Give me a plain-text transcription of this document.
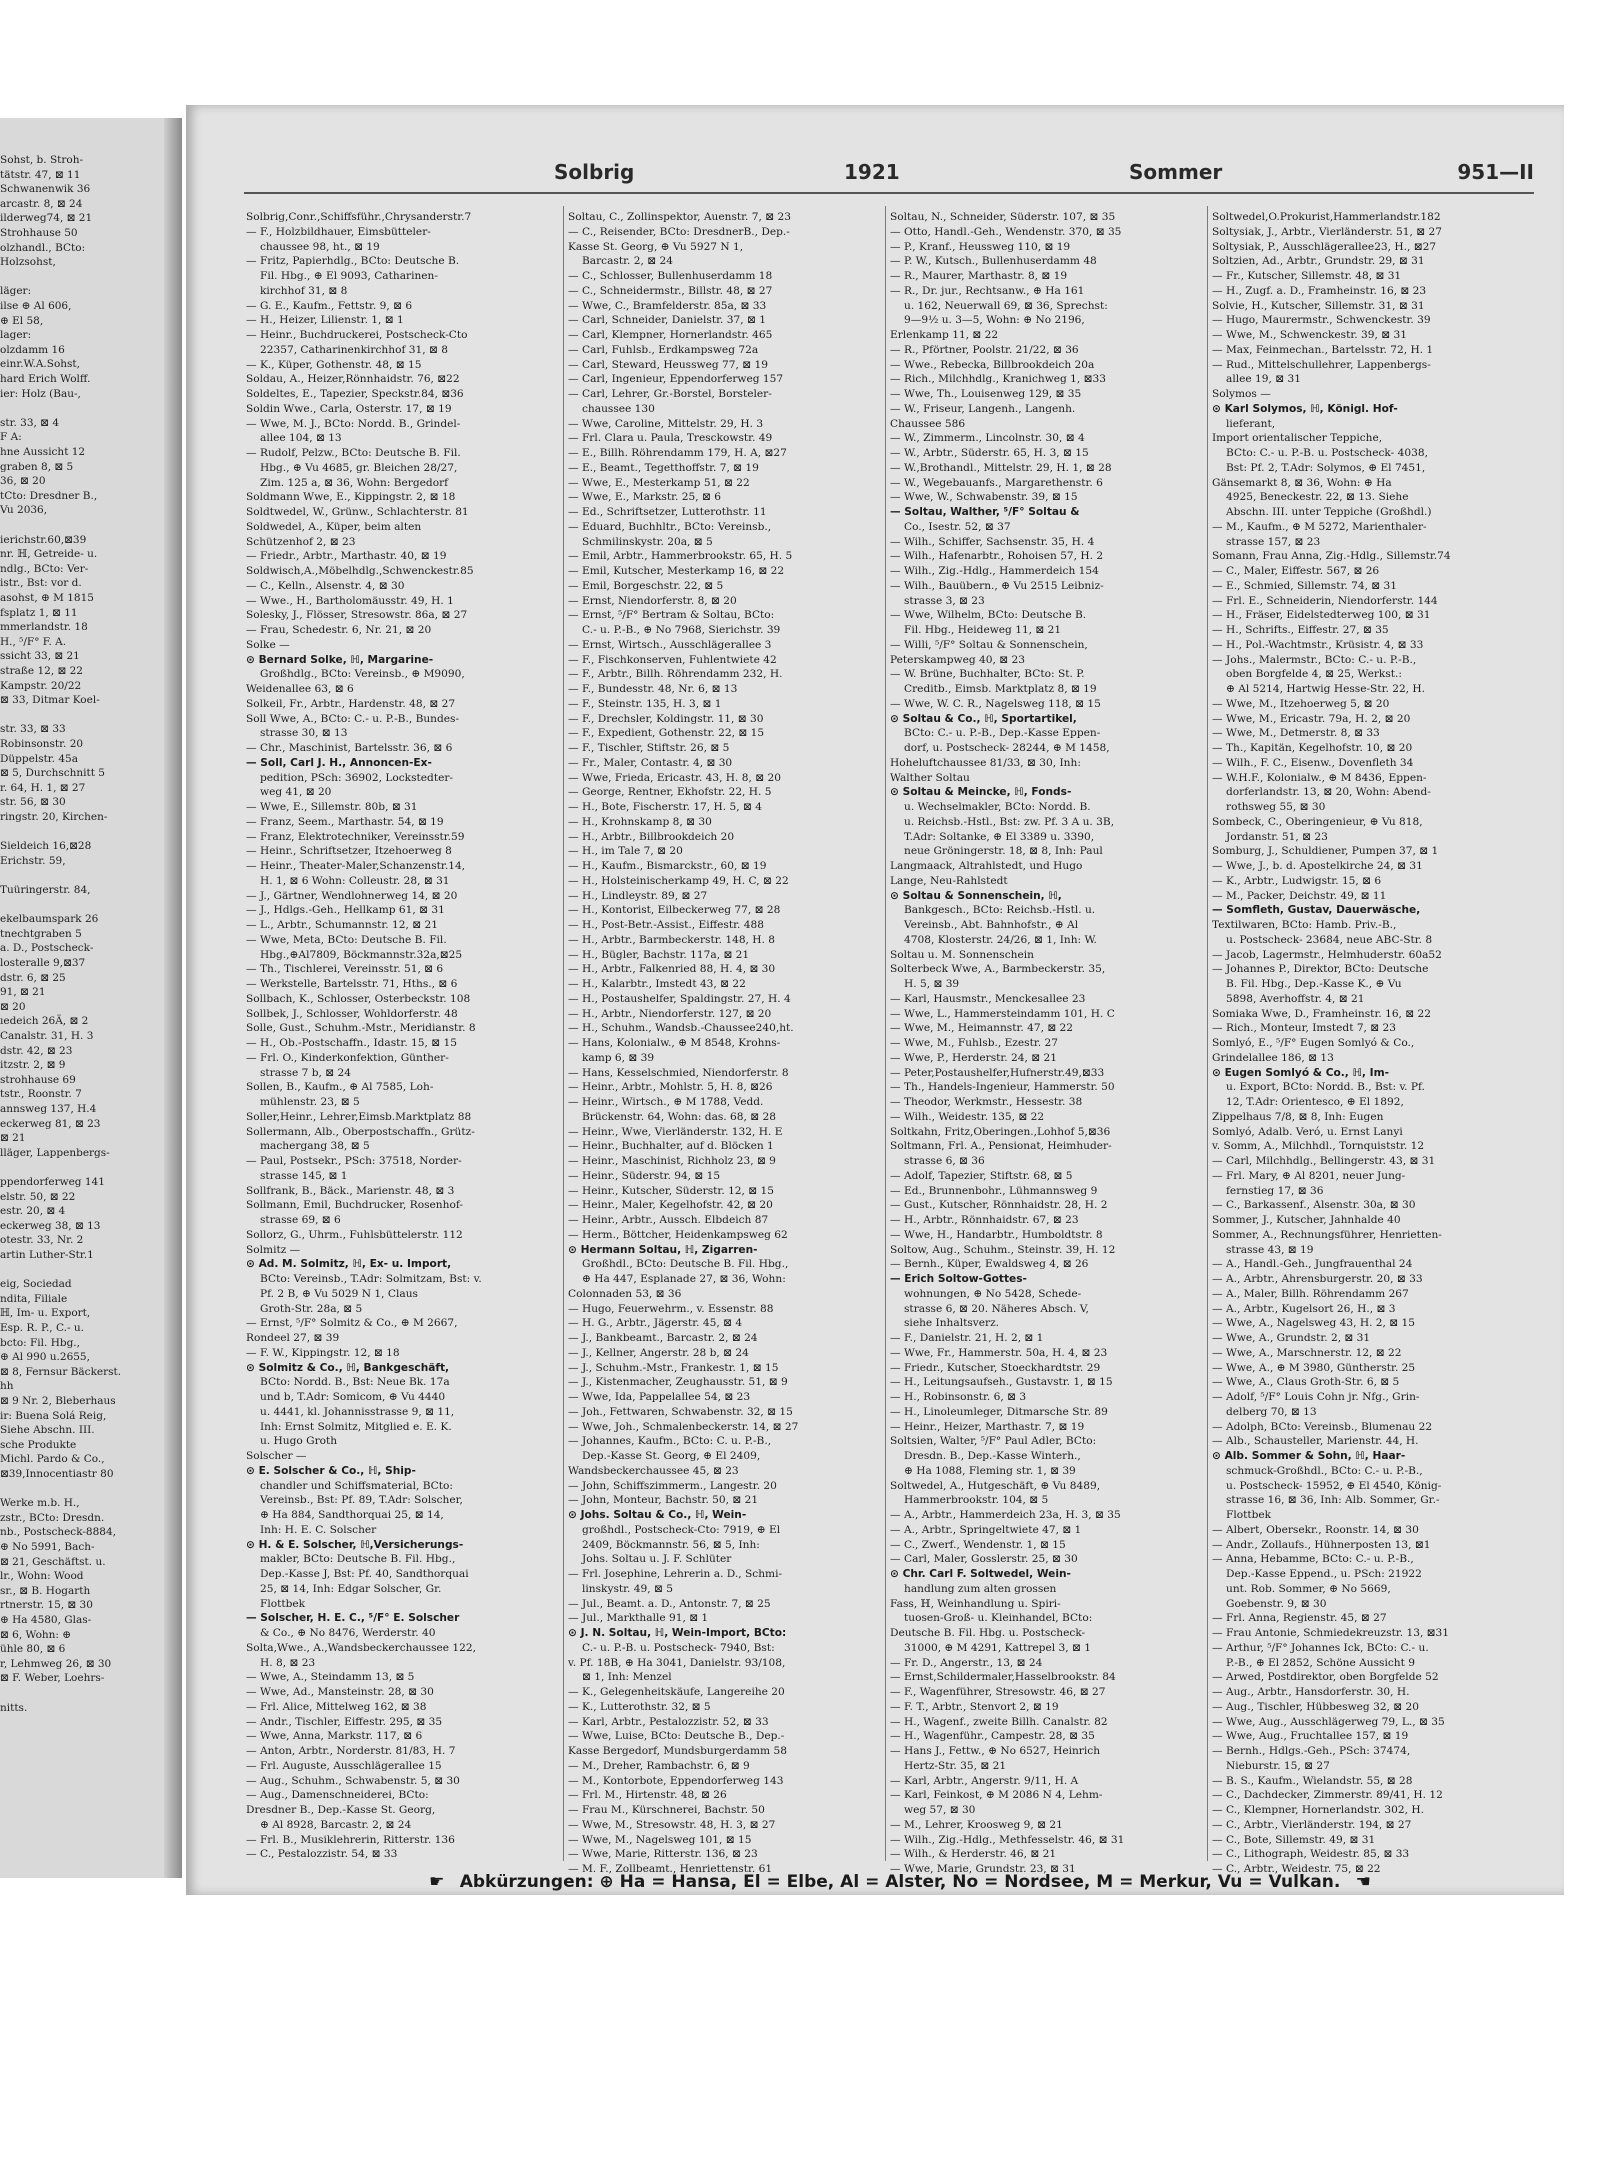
Sohst, b. Stroh-
tätstr. 47, ⊠ 11
Schwanenwik 36
arcastr. 8, ⊠ 24
ilderweg74, ⊠ 21
Strohhause 50
olzhandl., BCto:
Holzsohst,
läger:
ilse ⊕ Al 606,
⊕ El 58,
lager:
olzdamm 16
einr.W.A.Sohst,
hard Erich Wolff.
ier: Holz (Bau-,
str. 33, ⊠ 4
F A:
hne Aussicht 12
graben 8, ⊠ 5
36, ⊠ 20
tCto: Dresdner B.,
Vu 2036,
ierichstr.60,⊠39
nr. ℍ, Getreide- u.
ndlg., BCto: Ver-
istr., Bst: vor d.
asohst, ⊕ M 1815
fsplatz 1, ⊠ 11
mmerlandstr. 18
H., ⁵/F° F. A.
ssicht 33, ⊠ 21
straße 12, ⊠ 22
Kampstr. 20/22
⊠ 33, Ditmar Koel-
str. 33, ⊠ 33
Robinsonstr. 20
Düppelstr. 45a
⊠ 5, Durchschnitt 5
r. 64, H. 1, ⊠ 27
str. 56, ⊠ 30
ringstr. 20, Kirchen-
Sieldeich 16,⊠28
Erichstr. 59,
Tuüringerstr. 84,
ekelbaumspark 26
tnechtgraben 5
a. D., Postscheck-
losteralle 9,⊠37
dstr. 6, ⊠ 25
91, ⊠ 21
⊠ 20
ıedeich 26Ä, ⊠ 2
Canalstr. 31, H. 3
dstr. 42, ⊠ 23
itzstr. 2, ⊠ 9
strohhause 69
tstr., Roonstr. 7
annsweg 137, H.4
eckerweg 81, ⊠ 23
⊠ 21
lläger, Lappenbergs-
ppendorferweg 141
elstr. 50, ⊠ 22
estr. 20, ⊠ 4
eckerweg 38, ⊠ 13
otestr. 33, Nr. 2
artin Luther-Str.1
eig, Sociedad
ndita, Filiale
ℍ, Im- u. Export,
Esp. R. P., C.- u.
bcto: Fil. Hbg.,
⊕ Al 990 u.2655,
⊠ 8, Fernsur Bäckerst.
hh
⊠ 9 Nr. 2, Bleberhaus
ir: Buena Solá Reig,
Siehe Abschn. III.
sche Produkte
Michl. Pardo & Co.,
⊠39,Innocentiastr 80
Werke m.b. H.,
zstr., BCto: Dresdn.
nb., Postscheck-8884,
⊕ No 5991, Bach-
⊠ 21, Geschäftst. u.
lr., Wohn: Wood
sr., ⊠ B. Hogarth
rtnerstr. 15, ⊠ 30
⊕ Ha 4580, Glas-
⊠ 6, Wohn: ⊕
ühle 80, ⊠ 6
r, Lehmweg 26, ⊠ 30
⊠ F. Weber, Loehrs-
nitts.
Solbrig	1921	Sommer	951—II
Solbrig,Conr.,Schiffsführ.,Chrysanderstr.7
— F., Holzbildhauer, Eimsbütteler-
chaussee 98, ht., ⊠ 19
— Fritz, Papierhdlg., BCto: Deutsche B.
Fil. Hbg., ⊕ El 9093, Catharinen-
kirchhof 31, ⊠ 8
— G. E., Kaufm., Fettstr. 9, ⊠ 6
— H., Heizer, Lilienstr. 1, ⊠ 1
— Heinr., Buchdruckerei, Postscheck-Cto
22357, Catharinenkirchhof 31, ⊠ 8
— K., Küper, Gothenstr. 48, ⊠ 15
Soldau, A., Heizer,Rönnhaidstr. 76, ⊠22
Soldeltes, E., Tapezier, Speckstr.84, ⊠36
Soldin Wwe., Carla, Osterstr. 17, ⊠ 19
— Wwe, M. J., BCto: Nordd. B., Grindel-
allee 104, ⊠ 13
— Rudolf, Pelzw., BCto: Deutsche B. Fil.
Hbg., ⊕ Vu 4685, gr. Bleichen 28/27,
Zim. 125 a, ⊠ 36, Wohn: Bergedorf
Soldmann Wwe, E., Kippingstr. 2, ⊠ 18
Soldtwedel, W., Grünw., Schlachterstr. 81
Soldwedel, A., Küper, beim alten
Schützenhof 2, ⊠ 23
— Friedr., Arbtr., Marthastr. 40, ⊠ 19
Soldwisch,A.,Möbelhdlg.,Schwenckestr.85
— C., Kelln., Alsenstr. 4, ⊠ 30
— Wwe., H., Bartholomäusstr. 49, H. 1
Solesky, J., Flösser, Stresowstr. 86a, ⊠ 27
— Frau, Schedestr. 6, Nr. 21, ⊠ 20
Solke —
⊙ Bernard Solke, ℍ, Margarine-
Großhdlg., BCto: Vereinsb., ⊕ M9090,
Weidenallee 63, ⊠ 6
Solkeil, Fr., Arbtr., Hardenstr. 48, ⊠ 27
Soll Wwe, A., BCto: C.- u. P.-B., Bundes-
strasse 30, ⊠ 13
— Chr., Maschinist, Bartelsstr. 36, ⊠ 6
— Soll, Carl J. H., Annoncen-Ex-
pedition, PSch: 36902, Lockstedter-
weg 41, ⊠ 20
— Wwe, E., Sillemstr. 80b, ⊠ 31
— Franz, Seem., Marthastr. 54, ⊠ 19
— Franz, Elektrotechniker, Vereinsstr.59
— Heinr., Schriftsetzer, Itzehoerweg 8
— Heinr., Theater-Maler,Schanzenstr.14,
H. 1, ⊠ 6 Wohn: Colleustr. 28, ⊠ 31
— J., Gärtner, Wendlohnerweg 14, ⊠ 20
— J., Hdlgs.-Geh., Hellkamp 61, ⊠ 31
— L., Arbtr., Schumannstr. 12, ⊠ 21
— Wwe, Meta, BCto: Deutsche B. Fil.
Hbg.,⊕Al7809, Böckmannstr.32a,⊠25
— Th., Tischlerei, Vereinsstr. 51, ⊠ 6
— Werkstelle, Bartelsstr. 71, Hths., ⊠ 6
Sollbach, K., Schlosser, Osterbeckstr. 108
Sollbek, J., Schlosser, Wohldorferstr. 48
Solle, Gust., Schuhm.-Mstr., Meridianstr. 8
— H., Ob.-Postschaffn., Idastr. 15, ⊠ 15
— Frl. O., Kinderkonfektion, Günther-
strasse 7 b, ⊠ 24
Sollen, B., Kaufm., ⊕ Al 7585, Loh-
mühlenstr. 23, ⊠ 5
Soller,Heinr., Lehrer,Eimsb.Marktplatz 88
Sollermann, Alb., Oberpostschaffn., Grütz-
machergang 38, ⊠ 5
— Paul, Postsekr., PSch: 37518, Norder-
strasse 145, ⊠ 1
Sollfrank, B., Bäck., Marienstr. 48, ⊠ 3
Sollmann, Emil, Buchdrucker, Rosenhof-
strasse 69, ⊠ 6
Sollorz, G., Uhrm., Fuhlsbüttelerstr. 112
Solmitz —
⊙ Ad. M. Solmitz, ℍ, Ex- u. Import,
BCto: Vereinsb., T.Adr: Solmitzam, Bst: v.
Pf. 2 B, ⊕ Vu 5029 N 1, Claus
Groth-Str. 28a, ⊠ 5
— Ernst, ⁵/F° Solmitz & Co., ⊕ M 2667,
Rondeel 27, ⊠ 39
— F. W., Kippingstr. 12, ⊠ 18
⊙ Solmitz & Co., ℍ, Bankgeschäft,
BCto: Nordd. B., Bst: Neue Bk. 17a
und b, T.Adr: Somicom, ⊕ Vu 4440
u. 4441, kl. Johannisstrasse 9, ⊠ 11,
Inh: Ernst Solmitz, Mitglied e. E. K.
u. Hugo Groth
Solscher —
⊙ E. Solscher & Co., ℍ, Ship-
chandler und Schiffsmaterial, BCto:
Vereinsb., Bst: Pf. 89, T.Adr: Solscher,
⊕ Ha 884, Sandthorquai 25, ⊠ 14,
Inh: H. E. C. Solscher
⊙ H. & E. Solscher, ℍ,Versicherungs-
makler, BCto: Deutsche B. Fil. Hbg.,
Dep.-Kasse J, Bst: Pf. 40, Sandthorquai
25, ⊠ 14, Inh: Edgar Solscher, Gr.
Flottbek
— Solscher, H. E. C., ⁵/F° E. Solscher
& Co., ⊕ No 8476, Werderstr. 40
Solta,Wwe., A.,Wandsbeckerchaussee 122,
H. 8, ⊠ 23
— Wwe, A., Steindamm 13, ⊠ 5
— Wwe, Ad., Mansteinstr. 28, ⊠ 30
— Frl. Alice, Mittelweg 162, ⊠ 38
— Andr., Tischler, Eiffestr. 295, ⊠ 35
— Wwe, Anna, Markstr. 117, ⊠ 6
— Anton, Arbtr., Norderstr. 81/83, H. 7
— Frl. Auguste, Ausschlägerallee 15
— Aug., Schuhm., Schwabenstr. 5, ⊠ 30
— Aug., Damenschneiderei, BCto:
Dresdner B., Dep.-Kasse St. Georg,
⊕ Al 8928, Barcastr. 2, ⊠ 24
— Frl. B., Musiklehrerin, Ritterstr. 136
— C., Pestalozzistr. 54, ⊠ 33
Soltau, C., Zollinspektor, Auenstr. 7, ⊠ 23
— C., Reisender, BCto: DresdnerB., Dep.-
Kasse St. Georg, ⊕ Vu 5927 N 1,
Barcastr. 2, ⊠ 24
— C., Schlosser, Bullenhuserdamm 18
— C., Schneidermstr., Billstr. 48, ⊠ 27
— Wwe, C., Bramfelderstr. 85a, ⊠ 33
— Carl, Schneider, Danielstr. 37, ⊠ 1
— Carl, Klempner, Hornerlandstr. 465
— Carl, Fuhlsb., Erdkampsweg 72a
— Carl, Steward, Heussweg 77, ⊠ 19
— Carl, Ingenieur, Eppendorferweg 157
— Carl, Lehrer, Gr.-Borstel, Borsteler-
chaussee 130
— Wwe, Caroline, Mittelstr. 29, H. 3
— Frl. Clara u. Paula, Tresckowstr. 49
— E., Billh. Röhrendamm 179, H. A, ⊠27
— E., Beamt., Tegetthoffstr. 7, ⊠ 19
— Wwe, E., Mesterkamp 51, ⊠ 22
— Wwe, E., Markstr. 25, ⊠ 6
— Ed., Schriftsetzer, Lutterothstr. 11
— Eduard, Buchhltr., BCto: Vereinsb.,
Schmilinskystr. 20a, ⊠ 5
— Emil, Arbtr., Hammerbrookstr. 65, H. 5
— Emil, Kutscher, Mesterkamp 16, ⊠ 22
— Emil, Borgeschstr. 22, ⊠ 5
— Ernst, Niendorferstr. 8, ⊠ 20
— Ernst, ⁵/F° Bertram & Soltau, BCto:
C.- u. P.-B., ⊕ No 7968, Sierichstr. 39
— Ernst, Wirtsch., Ausschlägerallee 3
— F., Fischkonserven, Fuhlentwiete 42
— F., Arbtr., Billh. Röhrendamm 232, H.
— F., Bundesstr. 48, Nr. 6, ⊠ 13
— F., Steinstr. 135, H. 3, ⊠ 1
— F., Drechsler, Koldingstr. 11, ⊠ 30
— F., Expedient, Gothenstr. 22, ⊠ 15
— F., Tischler, Stiftstr. 26, ⊠ 5
— Fr., Maler, Contastr. 4, ⊠ 30
— Wwe, Frieda, Ericastr. 43, H. 8, ⊠ 20
— George, Rentner, Ekhofstr. 22, H. 5
— H., Bote, Fischerstr. 17, H. 5, ⊠ 4
— H., Krohnskamp 8, ⊠ 30
— H., Arbtr., Billbrookdeich 20
— H., im Tale 7, ⊠ 20
— H., Kaufm., Bismarckstr., 60, ⊠ 19
— H., Holsteinischerkamp 49, H. C, ⊠ 22
— H., Lindleystr. 89, ⊠ 27
— H., Kontorist, Eilbeckerweg 77, ⊠ 28
— H., Post-Betr.-Assist., Eiffestr. 488
— H., Arbtr., Barmbeckerstr. 148, H. 8
— H., Bügler, Bachstr. 117a, ⊠ 21
— H., Arbtr., Falkenried 88, H. 4, ⊠ 30
— H., Kalarbtr., Imstedt 43, ⊠ 22
— H., Postaushelfer, Spaldingstr. 27, H. 4
— H., Arbtr., Niendorferstr. 127, ⊠ 20
— H., Schuhm., Wandsb.-Chaussee240,ht.
— Hans, Kolonialw., ⊕ M 8548, Krohns-
kamp 6, ⊠ 39
— Hans, Kesselschmied, Niendorferstr. 8
— Heinr., Arbtr., Mohlstr. 5, H. 8, ⊠26
— Heinr., Wirtsch., ⊕ M 1788, Vedd.
Brückenstr. 64, Wohn: das. 68, ⊠ 28
— Heinr., Wwe, Vierländerstr. 132, H. E
— Heinr., Buchhalter, auf d. Blöcken 1
— Heinr., Maschinist, Richholz 23, ⊠ 9
— Heinr., Süderstr. 94, ⊠ 15
— Heinr., Kutscher, Süderstr. 12, ⊠ 15
— Heinr., Maler, Kegelhofstr. 42, ⊠ 20
— Heinr., Arbtr., Aussch. Elbdeich 87
— Herm., Böttcher, Heidenkampsweg 62
⊙ Hermann Soltau, ℍ, Zigarren-
Großhdl., BCto: Deutsche B. Fil. Hbg.,
⊕ Ha 447, Esplanade 27, ⊠ 36, Wohn:
Colonnaden 53, ⊠ 36
— Hugo, Feuerwehrm., v. Essenstr. 88
— H. G., Arbtr., Jägerstr. 45, ⊠ 4
— J., Bankbeamt., Barcastr. 2, ⊠ 24
— J., Kellner, Angerstr. 28 b, ⊠ 24
— J., Schuhm.-Mstr., Frankestr. 1, ⊠ 15
— J., Kistenmacher, Zeughausstr. 51, ⊠ 9
— Wwe, Ida, Pappelallee 54, ⊠ 23
— Joh., Fettwaren, Schwabenstr. 32, ⊠ 15
— Wwe, Joh., Schmalenbeckerstr. 14, ⊠ 27
— Johannes, Kaufm., BCto: C. u. P.-B.,
Dep.-Kasse St. Georg, ⊕ El 2409,
Wandsbeckerchaussee 45, ⊠ 23
— John, Schiffszimmerm., Langestr. 20
— John, Monteur, Bachstr. 50, ⊠ 21
⊙ Johs. Soltau & Co., ℍ, Wein-
großhdl., Postscheck-Cto: 7919, ⊕ El
2409, Böckmannstr. 56, ⊠ 5, Inh:
Johs. Soltau u. J. F. Schlüter
— Frl. Josephine, Lehrerin a. D., Schmi-
linskystr. 49, ⊠ 5
— Jul., Beamt. a. D., Antonstr. 7, ⊠ 25
— Jul., Markthalle 91, ⊠ 1
⊙ J. N. Soltau, ℍ, Wein-Import, BCto:
C.- u. P.-B. u. Postscheck- 7940, Bst:
v. Pf. 18B, ⊕ Ha 3041, Danielstr. 93/108,
⊠ 1, Inh: Menzel
— K., Gelegenheitskäufe, Langereihe 20
— K., Lutterothstr. 32, ⊠ 5
— Karl, Arbtr., Pestalozzistr. 52, ⊠ 33
— Wwe, Luise, BCto: Deutsche B., Dep.-
Kasse Bergedorf, Mundsburgerdamm 58
— M., Dreher, Rambachstr. 6, ⊠ 9
— M., Kontorbote, Eppendorferweg 143
— Frl. M., Hirtenstr. 48, ⊠ 26
— Frau M., Kürschnerei, Bachstr. 50
— Wwe, M., Stresowstr. 48, H. 3, ⊠ 27
— Wwe, M., Nagelsweg 101, ⊠ 15
— Wwe, Marie, Ritterstr. 136, ⊠ 23
— M. F., Zollbeamt., Henriettenstr. 61
Soltau, N., Schneider, Süderstr. 107, ⊠ 35
— Otto, Handl.-Geh., Wendenstr. 370, ⊠ 35
— P., Kranf., Heussweg 110, ⊠ 19
— P. W., Kutsch., Bullenhuserdamm 48
— R., Maurer, Marthastr. 8, ⊠ 19
— R., Dr. jur., Rechtsanw., ⊕ Ha 161
u. 162, Neuerwall 69, ⊠ 36, Sprechst:
9—9½ u. 3—5, Wohn: ⊕ No 2196,
Erlenkamp 11, ⊠ 22
— R., Pförtner, Poolstr. 21/22, ⊠ 36
— Wwe., Rebecka, Billbrookdeich 20a
— Rich., Milchhdlg., Kranichweg 1, ⊠33
— Wwe, Th., Louisenweg 129, ⊠ 35
— W., Friseur, Langenh., Langenh.
Chaussee 586
— W., Zimmerm., Lincolnstr. 30, ⊠ 4
— W., Arbtr., Süderstr. 65, H. 3, ⊠ 15
— W.,Brothandl., Mittelstr. 29, H. 1, ⊠ 28
— W., Wegebauanfs., Margarethenstr. 6
— Wwe, W., Schwabenstr. 39, ⊠ 15
— Soltau, Walther, ⁵/F° Soltau &
Co., Isestr. 52, ⊠ 37
— Wilh., Schiffer, Sachsenstr. 35, H. 4
— Wilh., Hafenarbtr., Rohoisen 57, H. 2
— Wilh., Zig.-Hdlg., Hammerdeich 154
— Wilh., Bauübern., ⊕ Vu 2515 Leibniz-
strasse 3, ⊠ 23
— Wwe, Wilhelm, BCto: Deutsche B.
Fil. Hbg., Heideweg 11, ⊠ 21
— Willi, ⁵/F° Soltau & Sonnenschein,
Peterskampweg 40, ⊠ 23
— W. Brüne, Buchhalter, BCto: St. P.
Creditb., Eimsb. Marktplatz 8, ⊠ 19
— Wwe, W. C. R., Nagelsweg 118, ⊠ 15
⊙ Soltau & Co., ℍ, Sportartikel,
BCto: C.- u. P.-B., Dep.-Kasse Eppen-
dorf, u. Postscheck- 28244, ⊕ M 1458,
Hoheluftchaussee 81/33, ⊠ 30, Inh:
Walther Soltau
⊙ Soltau & Meincke, ℍ, Fonds-
u. Wechselmakler, BCto: Nordd. B.
u. Reichsb.-Hstl., Bst: zw. Pf. 3 A u. 3B,
T.Adr: Soltanke, ⊕ El 3389 u. 3390,
neue Gröningerstr. 18, ⊠ 8, Inh: Paul
Langmaack, Altrahlstedt, und Hugo
Lange, Neu-Rahlstedt
⊙ Soltau & Sonnenschein, ℍ,
Bankgesch., BCto: Reichsb.-Hstl. u.
Vereinsb., Abt. Bahnhofstr., ⊕ Al
4708, Klosterstr. 24/26, ⊠ 1, Inh: W.
Soltau u. M. Sonnenschein
Solterbeck Wwe, A., Barmbeckerstr. 35,
H. 5, ⊠ 39
— Karl, Hausmstr., Menckesallee 23
— Wwe, L., Hammersteindamm 101, H. C
— Wwe, M., Heimannstr. 47, ⊠ 22
— Wwe, M., Fuhlsb., Ezestr. 27
— Wwe, P., Herderstr. 24, ⊠ 21
— Peter,Postaushelfer,Hufnerstr.49,⊠33
— Th., Handels-Ingenieur, Hammerstr. 50
— Theodor, Werkmstr., Hessestr. 38
— Wilh., Weidestr. 135, ⊠ 22
Soltkahn, Fritz,Oberingen.,Lohhof 5,⊠36
Soltmann, Frl. A., Pensionat, Heimhuder-
strasse 6, ⊠ 36
— Adolf, Tapezier, Stiftstr. 68, ⊠ 5
— Ed., Brunnenbohr., Lühmannsweg 9
— Gust., Kutscher, Rönnhaidstr. 28, H. 2
— H., Arbtr., Rönnhaidstr. 67, ⊠ 23
— Wwe, H., Handarbtr., Humboldtstr. 8
Soltow, Aug., Schuhm., Steinstr. 39, H. 12
— Bernh., Küper, Ewaldsweg 4, ⊠ 26
— Erich Soltow-Gottes-
wohnungen, ⊕ No 5428, Schede-
strasse 6, ⊠ 20. Näheres Absch. V,
siehe Inhaltsverz.
— F., Danielstr. 21, H. 2, ⊠ 1
— Wwe, Fr., Hammerstr. 50a, H. 4, ⊠ 23
— Friedr., Kutscher, Stoeckhardtstr. 29
— H., Leitungsaufseh., Gustavstr. 1, ⊠ 15
— H., Robinsonstr. 6, ⊠ 3
— H., Linoleumleger, Ditmarsche Str. 89
— Heinr., Heizer, Marthastr. 7, ⊠ 19
Soltsien, Walter, ⁵/F° Paul Adler, BCto:
Dresdn. B., Dep.-Kasse Winterh.,
⊕ Ha 1088, Fleming str. 1, ⊠ 39
Soltwedel, A., Hutgeschäft, ⊕ Vu 8489,
Hammerbrookstr. 104, ⊠ 5
— A., Arbtr., Hammerdeich 23a, H. 3, ⊠ 35
— A., Arbtr., Springeltwiete 47, ⊠ 1
— C., Zwerf., Wendenstr. 1, ⊠ 15
— Carl, Maler, Gosslerstr. 25, ⊠ 30
⊙ Chr. Carl F. Soltwedel, Wein-
handlung zum alten grossen
Fass, ℍ, Weinhandlung u. Spiri-
tuosen-Groß- u. Kleinhandel, BCto:
Deutsche B. Fil. Hbg. u. Postscheck-
31000, ⊕ M 4291, Kattrepel 3, ⊠ 1
— Fr. D., Angerstr., 13, ⊠ 24
— Ernst,Schildermaler,Hasselbrookstr. 84
— F., Wagenführer, Stresowstr. 46, ⊠ 27
— F. T., Arbtr., Stenvort 2, ⊠ 19
— H., Wagenf., zweite Billh. Canalstr. 82
— H., Wagenführ., Campestr. 28, ⊠ 35
— Hans J., Fettw., ⊕ No 6527, Heinrich
Hertz-Str. 35, ⊠ 21
— Karl, Arbtr., Angerstr. 9/11, H. A
— Karl, Feinkost, ⊕ M 2086 N 4, Lehm-
weg 57, ⊠ 30
— M., Lehrer, Kroosweg 9, ⊠ 21
— Wilh., Zig.-Hdlg., Methfesselstr. 46, ⊠ 31
— Wilh., & Herderstr. 46, ⊠ 21
— Wwe, Marie, Grundstr. 23, ⊠ 31
Soltwedel,O.Prokurist,Hammerlandstr.182
Soltysiak, J., Arbtr., Vierländerstr. 51, ⊠ 27
Soltysiak, P., Ausschlägerallee23, H., ⊠27
Soltzien, Ad., Arbtr., Grundstr. 29, ⊠ 31
— Fr., Kutscher, Sillemstr. 48, ⊠ 31
— H., Zugf. a. D., Framheinstr. 16, ⊠ 23
Solvie, H., Kutscher, Sillemstr. 31, ⊠ 31
— Hugo, Maurermstr., Schwenckestr. 39
— Wwe, M., Schwenckestr. 39, ⊠ 31
— Max, Feinmechan., Bartelsstr. 72, H. 1
— Rud., Mittelschullehrer, Lappenbergs-
allee 19, ⊠ 31
Solymos —
⊙ Karl Solymos, ℍ, Königl. Hof-
lieferant,
Import orientalischer Teppiche,
BCto: C.- u. P.-B. u. Postscheck- 4038,
Bst: Pf. 2, T.Adr: Solymos, ⊕ El 7451,
Gänsemarkt 8, ⊠ 36, Wohn: ⊕ Ha
4925, Beneckestr. 22, ⊠ 13. Siehe
Abschn. III. unter Teppiche (Großhdl.)
— M., Kaufm., ⊕ M 5272, Marienthaler-
strasse 157, ⊠ 23
Somann, Frau Anna, Zig.-Hdlg., Sillemstr.74
— C., Maler, Eiffestr. 567, ⊠ 26
— E., Schmied, Sillemstr. 74, ⊠ 31
— Frl. E., Schneiderin, Niendorferstr. 144
— H., Fräser, Eidelstedterweg 100, ⊠ 31
— H., Schrifts., Eiffestr. 27, ⊠ 35
— H., Pol.-Wachtmstr., Krüsistr. 4, ⊠ 33
— Johs., Malermstr., BCto: C.- u. P.-B.,
oben Borgfelde 4, ⊠ 25, Werkst.:
⊕ Al 5214, Hartwig Hesse-Str. 22, H.
— Wwe, M., Itzehoerweg 5, ⊠ 20
— Wwe, M., Ericastr. 79a, H. 2, ⊠ 20
— Wwe, M., Detmerstr. 8, ⊠ 33
— Th., Kapitän, Kegelhofstr. 10, ⊠ 20
— Wilh., F. C., Eisenw., Dovenfleth 34
— W.H.F., Kolonialw., ⊕ M 8436, Eppen-
dorferlandstr. 13, ⊠ 20, Wohn: Abend-
rothsweg 55, ⊠ 30
Sombeck, C., Oberingenieur, ⊕ Vu 818,
Jordanstr. 51, ⊠ 23
Somburg, J., Schuldiener, Pumpen 37, ⊠ 1
— Wwe, J., b. d. Apostelkirche 24, ⊠ 31
— K., Arbtr., Ludwigstr. 15, ⊠ 6
— M., Packer, Deichstr. 49, ⊠ 11
— Somfleth, Gustav, Dauerwäsche,
Textilwaren, BCto: Hamb. Priv.-B.,
u. Postscheck- 23684, neue ABC-Str. 8
— Jacob, Lagermstr., Helmhuderstr. 60a52
— Johannes P., Direktor, BCto: Deutsche
B. Fil. Hbg., Dep.-Kasse K., ⊕ Vu
5898, Averhoffstr. 4, ⊠ 21
Somiaka Wwe, D., Framheinstr. 16, ⊠ 22
— Rich., Monteur, Imstedt 7, ⊠ 23
Somlyó, E., ⁵/F° Eugen Somlyó & Co.,
Grindelallee 186, ⊠ 13
⊙ Eugen Somlyó & Co., ℍ, Im-
u. Export, BCto: Nordd. B., Bst: v. Pf.
12, T.Adr: Orientesco, ⊕ El 1892,
Zippelhaus 7/8, ⊠ 8, Inh: Eugen
Somlyó, Adalb. Veró, u. Ernst Lanyi
v. Somm, A., Milchhdl., Tornquiststr. 12
— Carl, Milchhdlg., Bellingerstr. 43, ⊠ 31
— Frl. Mary, ⊕ Al 8201, neuer Jung-
fernstieg 17, ⊠ 36
— C., Barkassenf., Alsenstr. 30a, ⊠ 30
Sommer, J., Kutscher, Jahnhalde 40
Sommer, A., Rechnungsführer, Henrietten-
strasse 43, ⊠ 19
— A., Handl.-Geh., Jungfrauenthal 24
— A., Arbtr., Ahrensburgerstr. 20, ⊠ 33
— A., Maler, Billh. Röhrendamm 267
— A., Arbtr., Kugelsort 26, H., ⊠ 3
— Wwe, A., Nagelsweg 43, H. 2, ⊠ 15
— Wwe, A., Grundstr. 2, ⊠ 31
— Wwe, A., Marschnerstr. 12, ⊠ 22
— Wwe, A., ⊕ M 3980, Güntherstr. 25
— Wwe, A., Claus Groth-Str. 6, ⊠ 5
— Adolf, ⁵/F° Louis Cohn jr. Nfg., Grin-
delberg 70, ⊠ 13
— Adolph, BCto: Vereinsb., Blumenau 22
— Alb., Schausteller, Marienstr. 44, H.
⊙ Alb. Sommer & Sohn, ℍ, Haar-
schmuck-Großhdl., BCto: C.- u. P.-B.,
u. Postscheck- 15952, ⊕ El 4540, König-
strasse 16, ⊠ 36, Inh: Alb. Sommer, Gr.-
Flottbek
— Albert, Obersekr., Roonstr. 14, ⊠ 30
— Andr., Zollaufs., Hühnerposten 13, ⊠1
— Anna, Hebamme, BCto: C.- u. P.-B.,
Dep.-Kasse Eppend., u. PSch: 21922
unt. Rob. Sommer, ⊕ No 5669,
Goebenstr. 9, ⊠ 30
— Frl. Anna, Regienstr. 45, ⊠ 27
— Frau Antonie, Schmiedekreuzstr. 13, ⊠31
— Arthur, ⁵/F° Johannes Ick, BCto: C.- u.
P.-B., ⊕ El 2852, Schöne Aussicht 9
— Arwed, Postdirektor, oben Borgfelde 52
— Aug., Arbtr., Hansdorferstr. 30, H.
— Aug., Tischler, Hübbesweg 32, ⊠ 20
— Wwe, Aug., Ausschlägerweg 79, L., ⊠ 35
— Wwe, Aug., Fruchtallee 157, ⊠ 19
— Bernh., Hdlgs.-Geh., PSch: 37474,
Nieburstr. 15, ⊠ 27
— B. S., Kaufm., Wielandstr. 55, ⊠ 28
— C., Dachdecker, Zimmerstr. 89/41, H. 12
— C., Klempner, Hornerlandstr. 302, H.
— C., Arbtr., Vierländerstr. 194, ⊠ 27
— C., Bote, Sillemstr. 49, ⊠ 31
— C., Lithograph, Weidestr. 85, ⊠ 33
— C., Arbtr., Weidestr. 75, ⊠ 22
☛ Abkürzungen: ⊕ Ha = Hansa, El = Elbe, Al = Alster, No = Nordsee, M = Merkur, Vu = Vulkan. ☚
